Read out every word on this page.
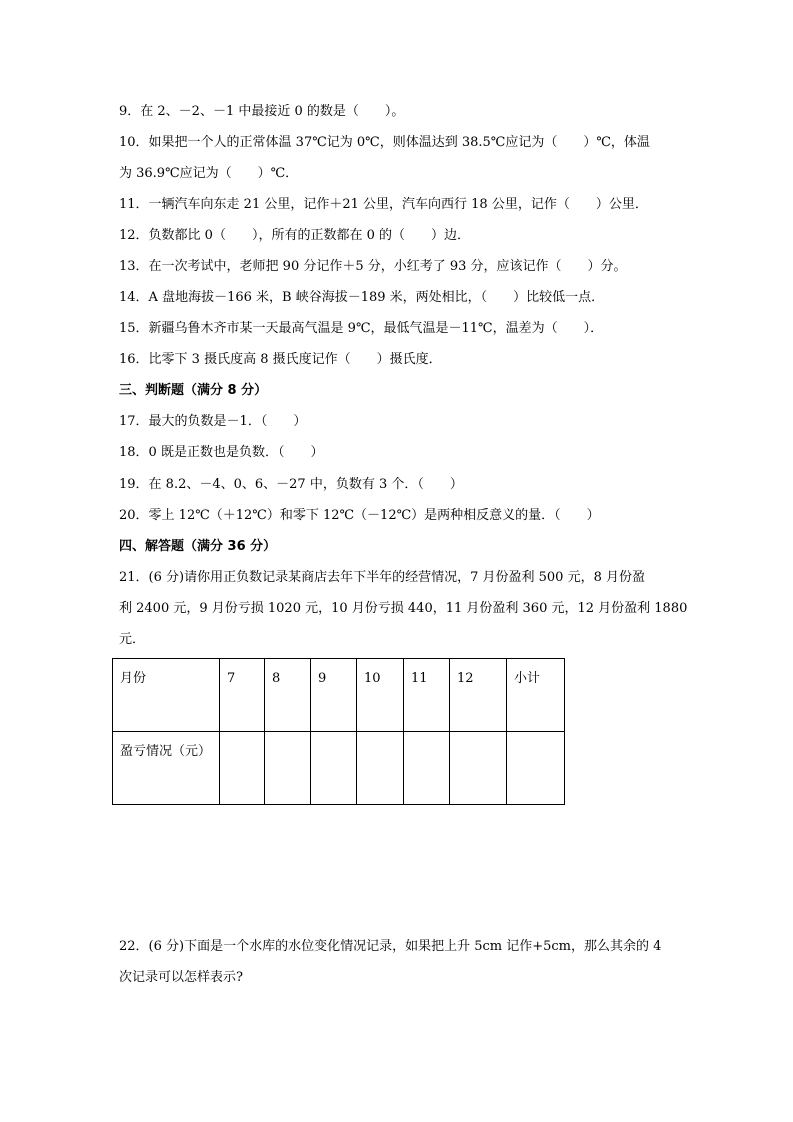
9．在 2、－2、－1 中最接近 0 的数是（　　）。
10．如果把一个人的正常体温 37℃记为 0℃，则体温达到 38.5℃应记为（　　）℃，体温
为 36.9℃应记为（　　）℃．
11．一辆汽车向东走 21 公里，记作＋21 公里，汽车向西行 18 公里，记作（　　）公里．
12．负数都比 0（　　），所有的正数都在 0 的（　　）边．
13．在一次考试中，老师把 90 分记作＋5 分，小红考了 93 分，应该记作（　　）分。
14．A 盘地海拔－166 米，B 峡谷海拔－189 米，两处相比，（　　）比较低一点．
15．新疆乌鲁木齐市某一天最高气温是 9℃，最低气温是－11℃，温差为（　　）．
16．比零下 3 摄氏度高 8 摄氏度记作（　　）摄氏度．
三、判断题（满分 8 分）
17．最大的负数是－1．（　　）
18．0 既是正数也是负数．（　　）
19．在 8.2、－4、0、6、－27 中，负数有 3 个．（　　）
20．零上 12℃（＋12℃）和零下 12℃（－12℃）是两种相反意义的量．（　　）
四、解答题（满分 36 分）
21．(6 分)请你用正负数记录某商店去年下半年的经营情况，7 月份盈利 500 元，8 月份盈
利 2400 元，9 月份亏损 1020 元，10 月份亏损 440，11 月份盈利 360 元，12 月份盈利 1880
元．
月份	7	8	9	10	11	12	小计
盈亏情况（元）							
22．(6 分)下面是一个水库的水位变化情况记录，如果把上升 5cm 记作+5cm，那么其余的 4
次记录可以怎样表示?
